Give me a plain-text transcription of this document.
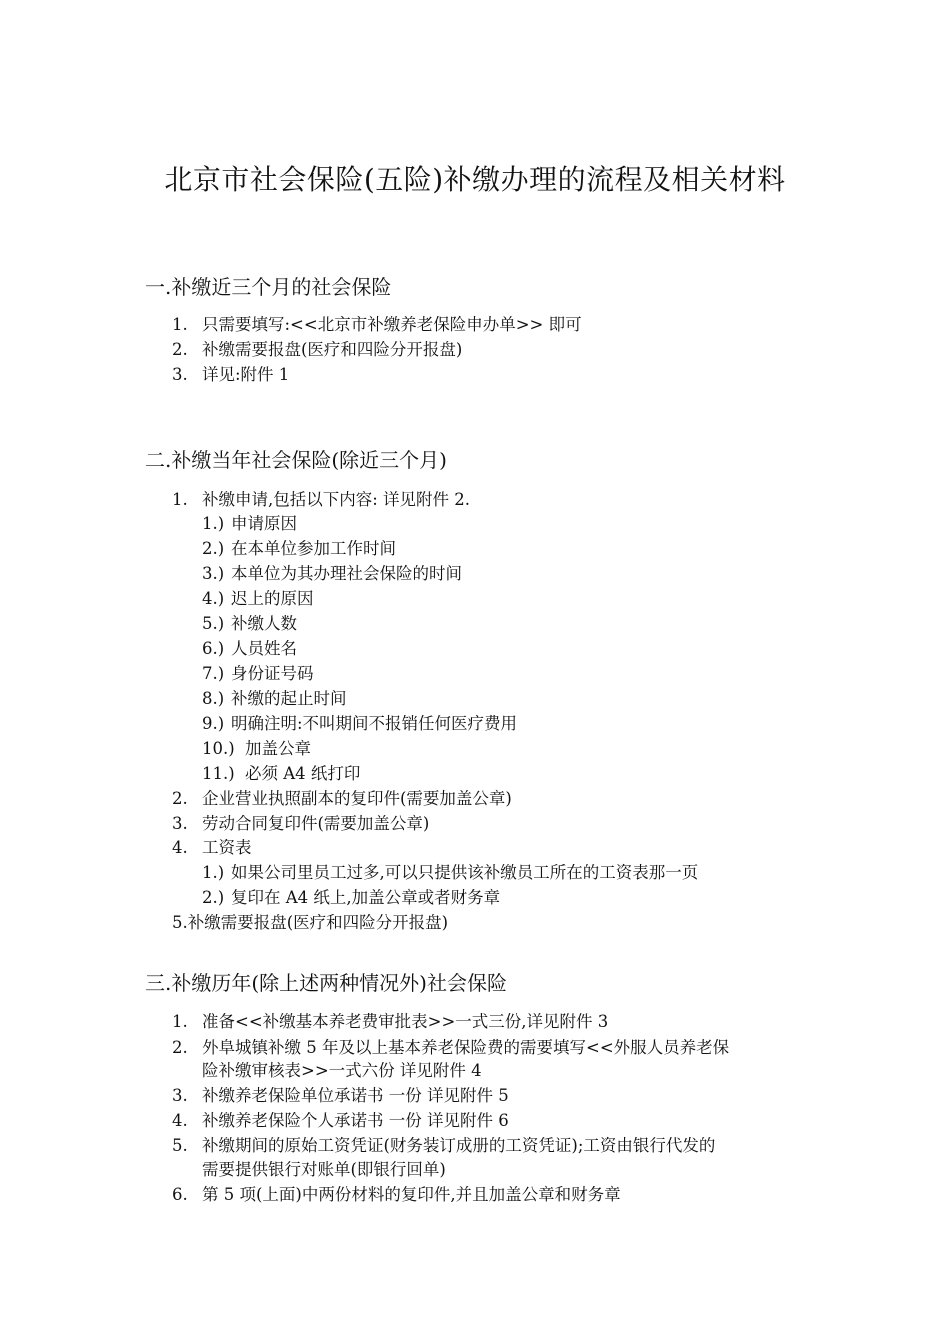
北京市社会保险(五险)补缴办理的流程及相关材料
一.补缴近三个月的社会保险
1. 只需要填写:<<北京市补缴养老保险申办单>> 即可
2. 补缴需要报盘(医疗和四险分开报盘)
3. 详见:附件 1
二.补缴当年社会保险(除近三个月)
1. 补缴申请,包括以下内容: 详见附件 2.
1.) 申请原因
2.) 在本单位参加工作时间
3.) 本单位为其办理社会保险的时间
4.) 迟上的原因
5.) 补缴人数
6.) 人员姓名
7.) 身份证号码
8.) 补缴的起止时间
9.) 明确注明:不叫期间不报销任何医疗费用
10.) 加盖公章
11.) 必须 A4 纸打印
2. 企业营业执照副本的复印件(需要加盖公章)
3. 劳动合同复印件(需要加盖公章)
4. 工资表
1.) 如果公司里员工过多,可以只提供该补缴员工所在的工资表那一页
2.) 复印在 A4 纸上,加盖公章或者财务章
5.补缴需要报盘(医疗和四险分开报盘)
三.补缴历年(除上述两种情况外)社会保险
1. 准备<<补缴基本养老费审批表>>一式三份,详见附件 3
2. 外阜城镇补缴 5 年及以上基本养老保险费的需要填写<<外服人员养老保
险补缴审核表>>一式六份 详见附件 4
3. 补缴养老保险单位承诺书 一份 详见附件 5
4. 补缴养老保险个人承诺书 一份 详见附件 6
5. 补缴期间的原始工资凭证(财务装订成册的工资凭证);工资由银行代发的
需要提供银行对账单(即银行回单)
6. 第 5 项(上面)中两份材料的复印件,并且加盖公章和财务章
